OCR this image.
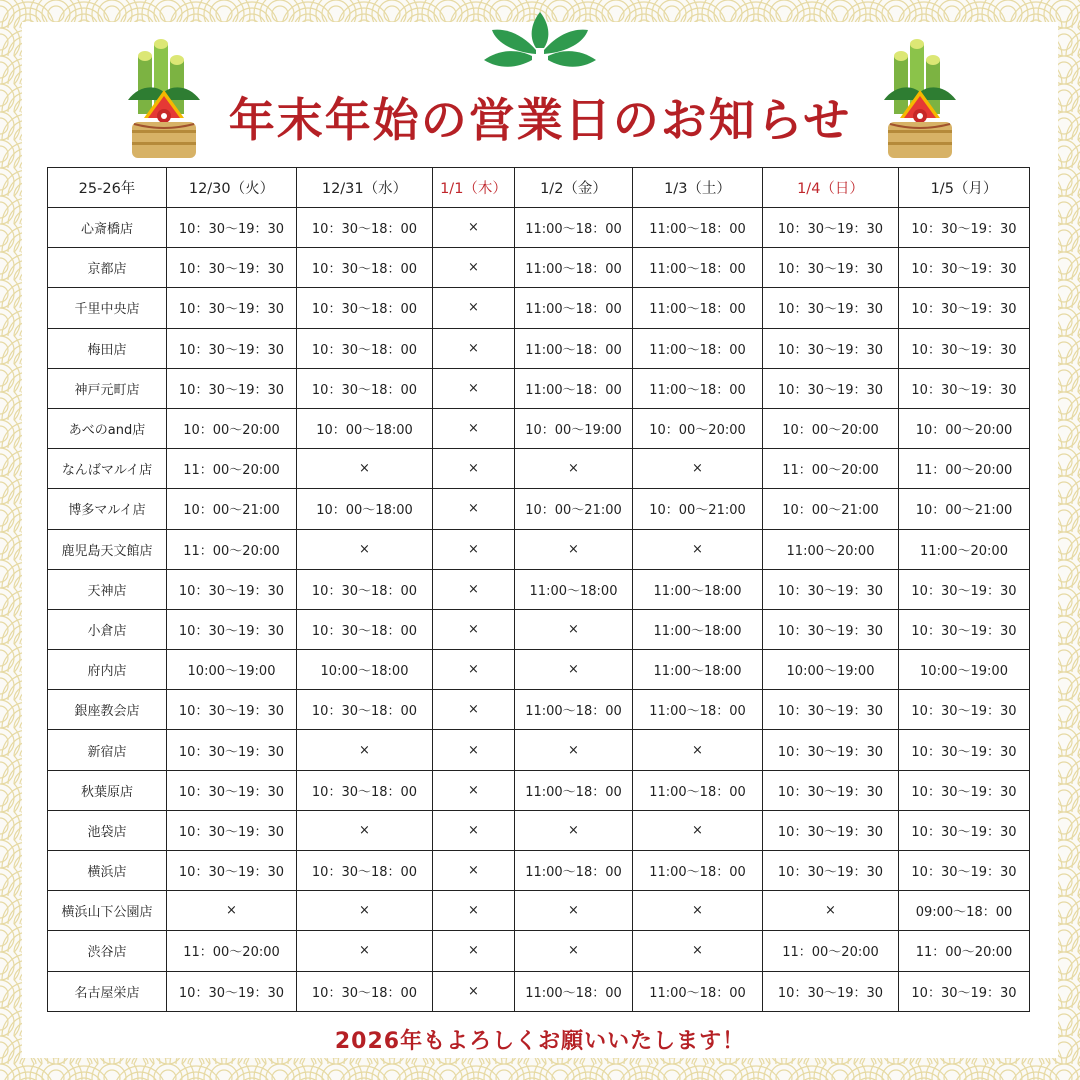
年末年始の営業日のお知らせ
25-26年	12/30（火）	12/31（水）	1/1（木）	1/2（金）	1/3（土）	1/4（日）	1/5（月）
心斎橋店	10：30〜19：30	10：30〜18：00	×	11:00〜18：00	11:00〜18：00	10：30〜19：30	10：30〜19：30
京都店	10：30〜19：30	10：30〜18：00	×	11:00〜18：00	11:00〜18：00	10：30〜19：30	10：30〜19：30
千里中央店	10：30〜19：30	10：30〜18：00	×	11:00〜18：00	11:00〜18：00	10：30〜19：30	10：30〜19：30
梅田店	10：30〜19：30	10：30〜18：00	×	11:00〜18：00	11:00〜18：00	10：30〜19：30	10：30〜19：30
神戸元町店	10：30〜19：30	10：30〜18：00	×	11:00〜18：00	11:00〜18：00	10：30〜19：30	10：30〜19：30
あべのand店	10：00〜20:00	10：00〜18:00	×	10：00〜19:00	10：00〜20:00	10：00〜20:00	10：00〜20:00
なんばマルイ店	11：00〜20:00	×	×	×	×	11：00〜20:00	11：00〜20:00
博多マルイ店	10：00〜21:00	10：00〜18:00	×	10：00〜21:00	10：00〜21:00	10：00〜21:00	10：00〜21:00
鹿児島天文館店	11：00〜20:00	×	×	×	×	11:00〜20:00	11:00〜20:00
天神店	10：30〜19：30	10：30〜18：00	×	11:00〜18:00	11:00〜18:00	10：30〜19：30	10：30〜19：30
小倉店	10：30〜19：30	10：30〜18：00	×	×	11:00〜18:00	10：30〜19：30	10：30〜19：30
府内店	10:00〜19:00	10:00〜18:00	×	×	11:00〜18:00	10:00〜19:00	10:00〜19:00
銀座教会店	10：30〜19：30	10：30〜18：00	×	11:00〜18：00	11:00〜18：00	10：30〜19：30	10：30〜19：30
新宿店	10：30〜19：30	×	×	×	×	10：30〜19：30	10：30〜19：30
秋葉原店	10：30〜19：30	10：30〜18：00	×	11:00〜18：00	11:00〜18：00	10：30〜19：30	10：30〜19：30
池袋店	10：30〜19：30	×	×	×	×	10：30〜19：30	10：30〜19：30
横浜店	10：30〜19：30	10：30〜18：00	×	11:00〜18：00	11:00〜18：00	10：30〜19：30	10：30〜19：30
横浜山下公園店	×	×	×	×	×	×	09:00〜18：00
渋谷店	11：00〜20:00	×	×	×	×	11：00〜20:00	11：00〜20:00
名古屋栄店	10：30〜19：30	10：30〜18：00	×	11:00〜18：00	11:00〜18：00	10：30〜19：30	10：30〜19：30
2026年もよろしくお願いいたします！
